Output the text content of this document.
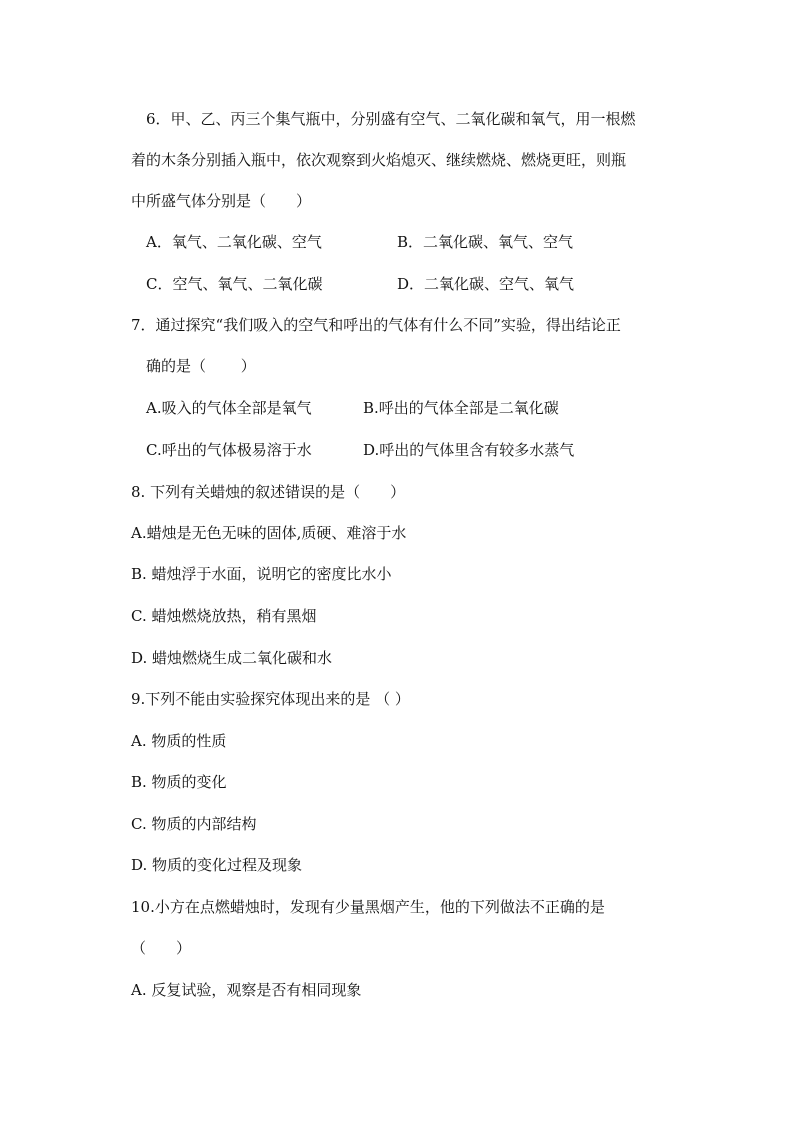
6．甲、乙、丙三个集气瓶中，分别盛有空气、二氧化碳和氧气，用一根燃
着的木条分别插入瓶中，依次观察到火焰熄灭、继续燃烧、燃烧更旺，则瓶
中所盛气体分别是（　　）
A．氧气、二氧化碳、空气	B．二氧化碳、氧气、空气
C．空气、氧气、二氧化碳	D．二氧化碳、空气、氧气
7．通过探究“我们吸入的空气和呼出的气体有什么不同”实验，得出结论正
确的是（　　 ）
A.吸入的气体全部是氧气	B.呼出的气体全部是二氧化碳
C.呼出的气体极易溶于水	D.呼出的气体里含有较多水蒸气
8. 下列有关蜡烛的叙述错误的是（　　）
A.蜡烛是无色无味的固体,质硬、难溶于水
B. 蜡烛浮于水面，说明它的密度比水小
C. 蜡烛燃烧放热，稍有黑烟
D. 蜡烛燃烧生成二氧化碳和水
9.下列不能由实验探究体现出来的是 （ ）
A. 物质的性质
B. 物质的变化
C. 物质的内部结构
D. 物质的变化过程及现象
10.小方在点燃蜡烛时，发现有少量黑烟产生，他的下列做法不正确的是
（　　）
A. 反复试验，观察是否有相同现象
